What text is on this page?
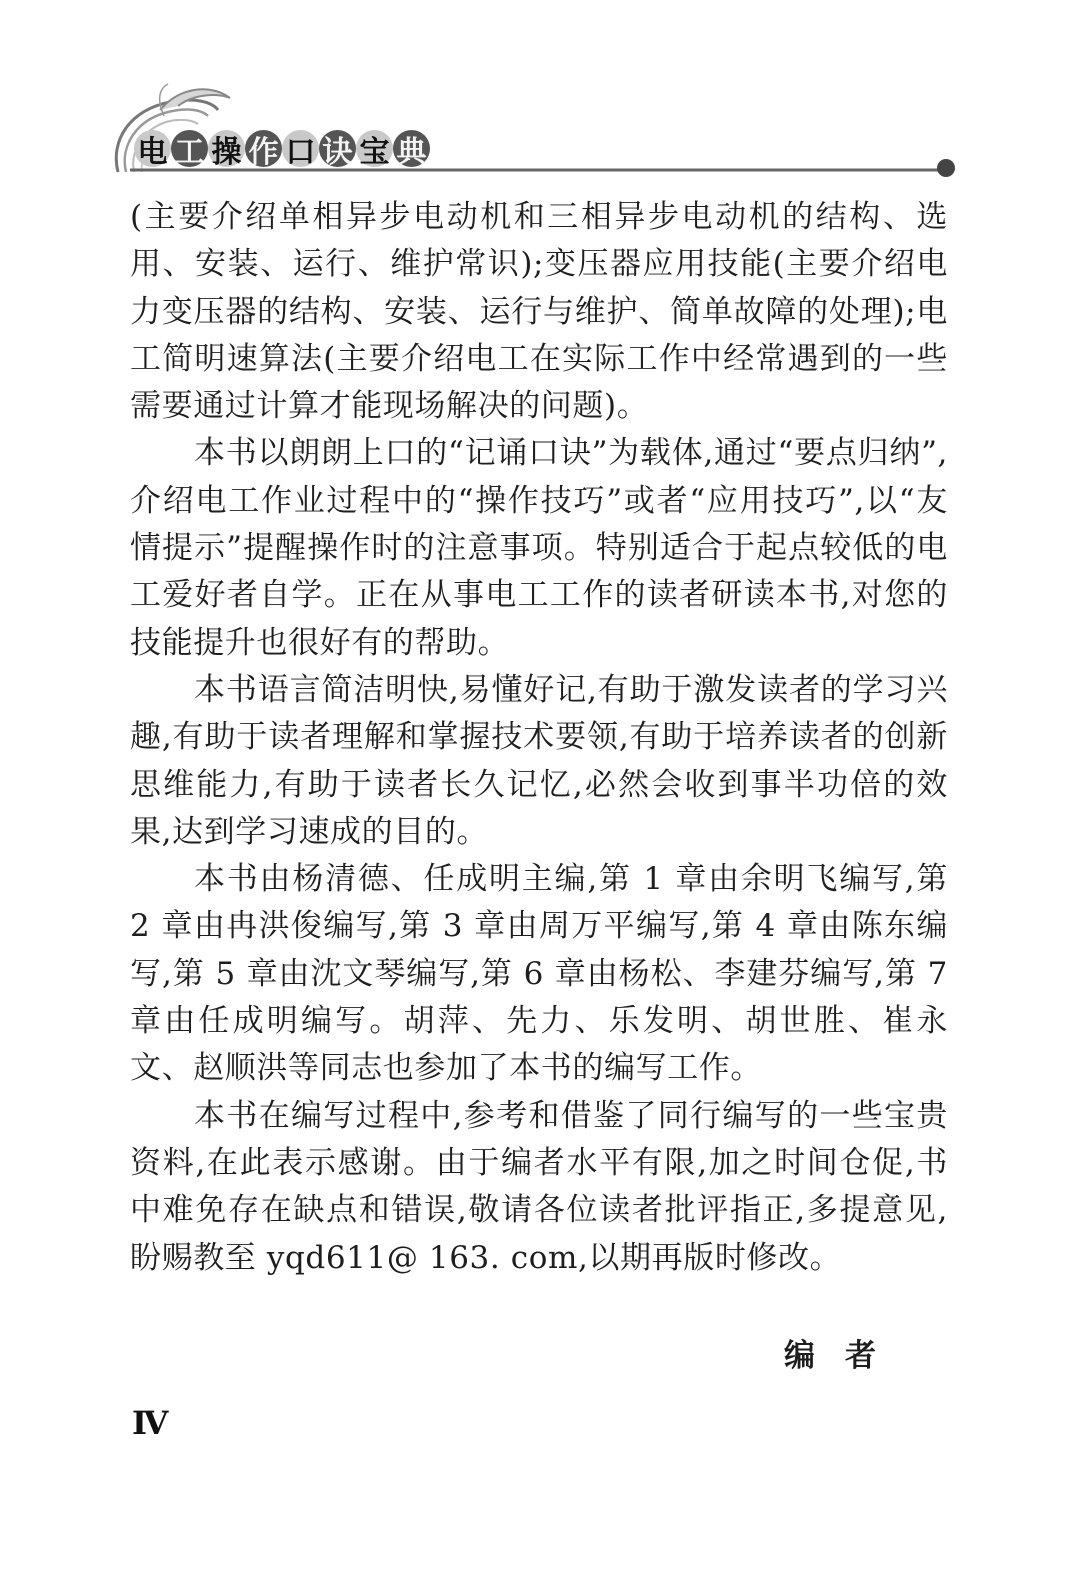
电 工 操 作 口 诀 宝 典

(主要介绍单相异步电动机和三相异步电动机的结构、选用、安装、运行、维护常识);变压器应用技能(主要介绍电力变压器的结构、安装、运行与维护、简单故障的处理);电工简明速算法(主要介绍电工在实际工作中经常遇到的一些需要通过计算才能现场解决的问题)。

本书以朗朗上口的“记诵口诀”为载体,通过“要点归纳”,介绍电工作业过程中的“操作技巧”或者“应用技巧”,以“友情提示”提醒操作时的注意事项。特别适合于起点较低的电工爱好者自学。正在从事电工工作的读者研读本书,对您的技能提升也很好有的帮助。

本书语言简洁明快,易懂好记,有助于激发读者的学习兴趣,有助于读者理解和掌握技术要领,有助于培养读者的创新思维能力,有助于读者长久记忆,必然会收到事半功倍的效果,达到学习速成的目的。

本书由杨清德、任成明主编,第 1 章由余明飞编写,第 2 章由冉洪俊编写,第 3 章由周万平编写,第 4 章由陈东编写,第 5 章由沈文琴编写,第 6 章由杨松、李建芬编写,第 7 章由任成明编写。胡萍、先力、乐发明、胡世胜、崔永文、赵顺洪等同志也参加了本书的编写工作。

本书在编写过程中,参考和借鉴了同行编写的一些宝贵资料,在此表示感谢。由于编者水平有限,加之时间仓促,书中难免存在缺点和错误,敬请各位读者批评指正,多提意见,盼赐教至 yqd611@ 163. com,以期再版时修改。

编者
Ⅳ
